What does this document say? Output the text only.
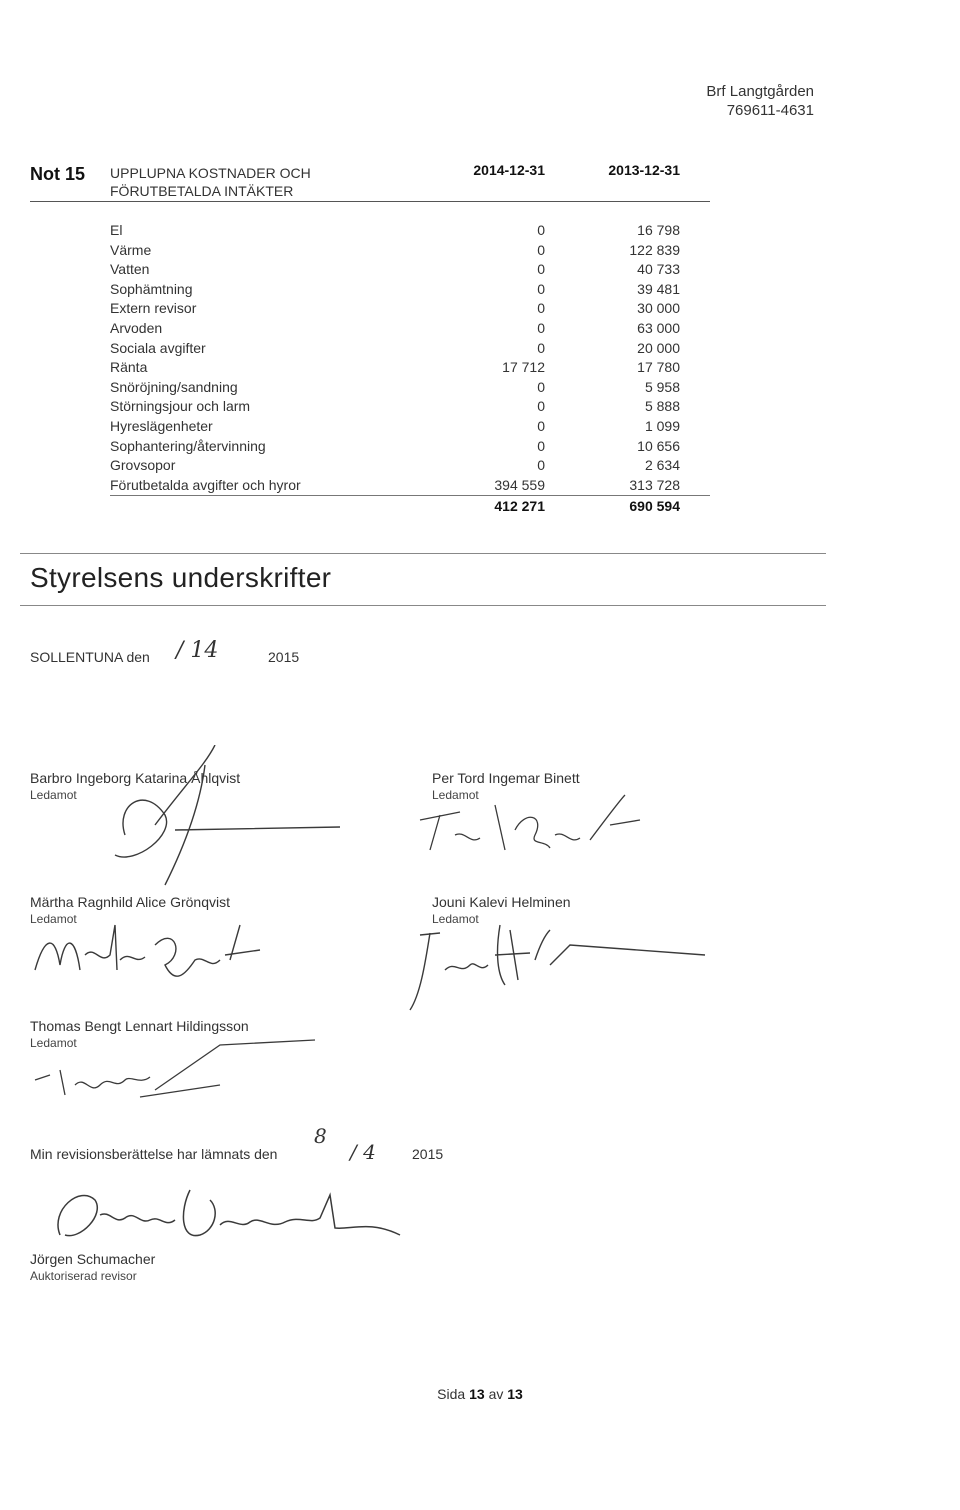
Brf Langtgården
769611-4631
Not 15 UPPLUPNA KOSTNADER OCH
FÖRUTBETALDA INTÄKTER
2014-12-31	2013-12-31
El	0	16 798
Värme	0	122 839
Vatten	0	40 733
Sophämtning	0	39 481
Extern revisor	0	30 000
Arvoden	0	63 000
Sociala avgifter	0	20 000
Ränta	17 712	17 780
Snöröjning/sandning	0	5 958
Störningsjour och larm	0	5 888
Hyreslägenheter	0	1 099
Sophantering/återvinning	0	10 656
Grovsopor	0	2 634
Förutbetalda avgifter och hyror	394 559	313 728
412 271	690 594
Styrelsens underskrifter
SOLLENTUNA den / 14	2015
Barbro Ingeborg Katarina Åhlqvist
Ledamot
Per Tord Ingemar Binett
Ledamot
Märtha Ragnhild Alice Grönqvist
Ledamot
Jouni Kalevi Helminen
Ledamot
Thomas Bengt Lennart Hildingsson
Ledamot
Min revisionsberättelse har lämnats den
8
/ 4	2015
Jörgen Schumacher
Auktoriserad revisor
Sida 13 av 13
